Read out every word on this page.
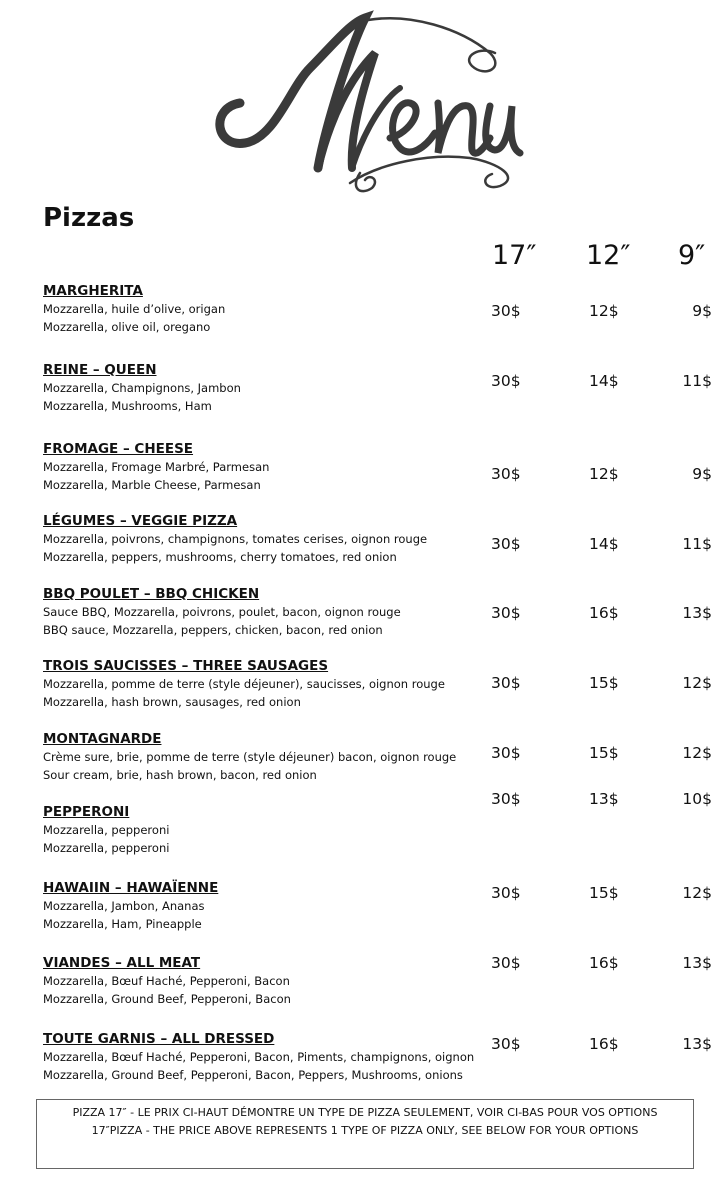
Pizzas
17″ 12″ 9″
MARGHERITA
Mozzarella, huile d’olive, origan
Mozzarella, olive oil, oregano
30$	12$	9$
REINE – QUEEN
Mozzarella, Champignons, Jambon
Mozzarella, Mushrooms, Ham
30$	14$	11$
FROMAGE – CHEESE
Mozzarella, Fromage Marbré, Parmesan
Mozzarella, Marble Cheese, Parmesan
30$	12$	9$
LÉGUMES – VEGGIE PIZZA
Mozzarella, poivrons, champignons, tomates cerises, oignon rouge
Mozzarella, peppers, mushrooms, cherry tomatoes, red onion
30$	14$	11$
BBQ POULET – BBQ CHICKEN
Sauce BBQ, Mozzarella, poivrons, poulet, bacon, oignon rouge
BBQ sauce, Mozzarella, peppers, chicken, bacon, red onion
30$	16$	13$
TROIS SAUCISSES – THREE SAUSAGES
Mozzarella, pomme de terre (style déjeuner), saucisses, oignon rouge
Mozzarella, hash brown, sausages, red onion
30$	15$	12$
MONTAGNARDE
Crème sure, brie, pomme de terre (style déjeuner) bacon, oignon rouge
Sour cream, brie, hash brown, bacon, red onion
30$	15$	12$
PEPPERONI
Mozzarella, pepperoni
Mozzarella, pepperoni
30$	13$	10$
HAWAIIN – HAWAÏENNE
Mozzarella, Jambon, Ananas
Mozzarella, Ham, Pineapple
30$	15$	12$
VIANDES – ALL MEAT
Mozzarella, Bœuf Haché, Pepperoni, Bacon
Mozzarella, Ground Beef, Pepperoni, Bacon
30$	16$	13$
TOUTE GARNIS – ALL DRESSED
Mozzarella, Bœuf Haché, Pepperoni, Bacon, Piments, champignons, oignon
Mozzarella, Ground Beef, Pepperoni, Bacon, Peppers, Mushrooms, onions
30$	16$	13$
PIZZA 17″ - LE PRIX CI-HAUT DÉMONTRE UN TYPE DE PIZZA SEULEMENT, VOIR CI-BAS POUR VOS OPTIONS
17″PIZZA - THE PRICE ABOVE REPRESENTS 1 TYPE OF PIZZA ONLY, SEE BELOW FOR YOUR OPTIONS
